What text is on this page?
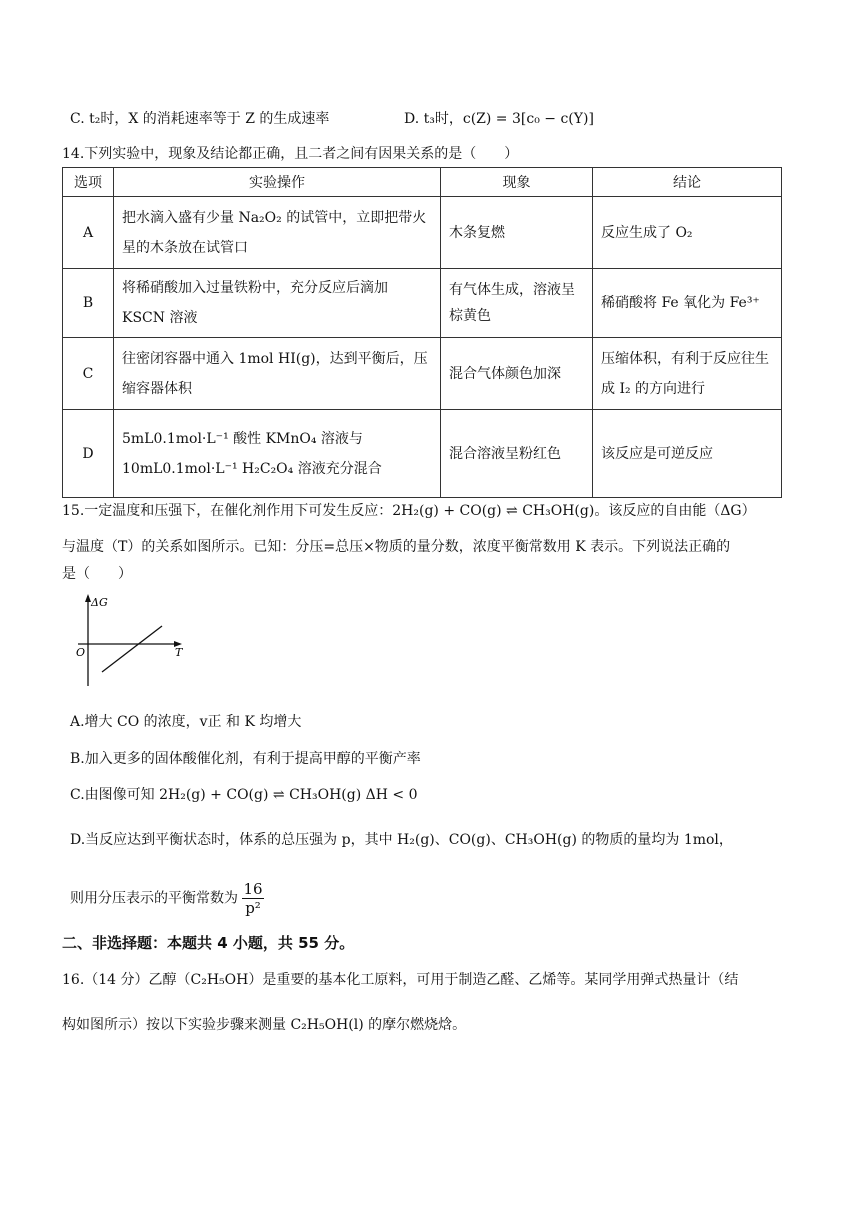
C. t₂时，X 的消耗速率等于 Z 的生成速率	D. t₃时，c(Z) = 3[c₀ − c(Y)]
14.下列实验中，现象及结论都正确，且二者之间有因果关系的是（　　）
选项	实验操作	现象	结论
A	把水滴入盛有少量 Na₂O₂ 的试管中，立即把带火星的木条放在试管口	木条复燃	反应生成了 O₂
B	将稀硝酸加入过量铁粉中，充分反应后滴加 KSCN 溶液	有气体生成，溶液呈棕黄色	稀硝酸将 Fe 氧化为 Fe³⁺
C	往密闭容器中通入 1mol HI(g)，达到平衡后，压缩容器体积	混合气体颜色加深	压缩体积，有利于反应往生成 I₂ 的方向进行
D	5mL0.1mol·L⁻¹ 酸性 KMnO₄ 溶液与 10mL0.1mol·L⁻¹ H₂C₂O₄ 溶液充分混合	混合溶液呈粉红色	该反应是可逆反应
15.一定温度和压强下，在催化剂作用下可发生反应：2H₂(g) + CO(g) ⇌ CH₃OH(g)。该反应的自由能（ΔG）
与温度（T）的关系如图所示。已知：分压=总压×物质的量分数，浓度平衡常数用 K 表示。下列说法正确的
是（　　）
ΔG
T
O
A.增大 CO 的浓度，v正 和 K 均增大
B.加入更多的固体酸催化剂，有利于提高甲醇的平衡产率
C.由图像可知 2H₂(g) + CO(g) ⇌ CH₃OH(g) ΔH < 0
D.当反应达到平衡状态时，体系的总压强为 p，其中 H₂(g)、CO(g)、CH₃OH(g) 的物质的量均为 1mol，
则用分压表示的平衡常数为 $\frac{16}{\text{p²}}$
二、非选择题：本题共 4 小题，共 55 分。
16.（14 分）乙醇（C₂H₅OH）是重要的基本化工原料，可用于制造乙醛、乙烯等。某同学用弹式热量计（结
构如图所示）按以下实验步骤来测量 C₂H₅OH(l) 的摩尔燃烧焓。
